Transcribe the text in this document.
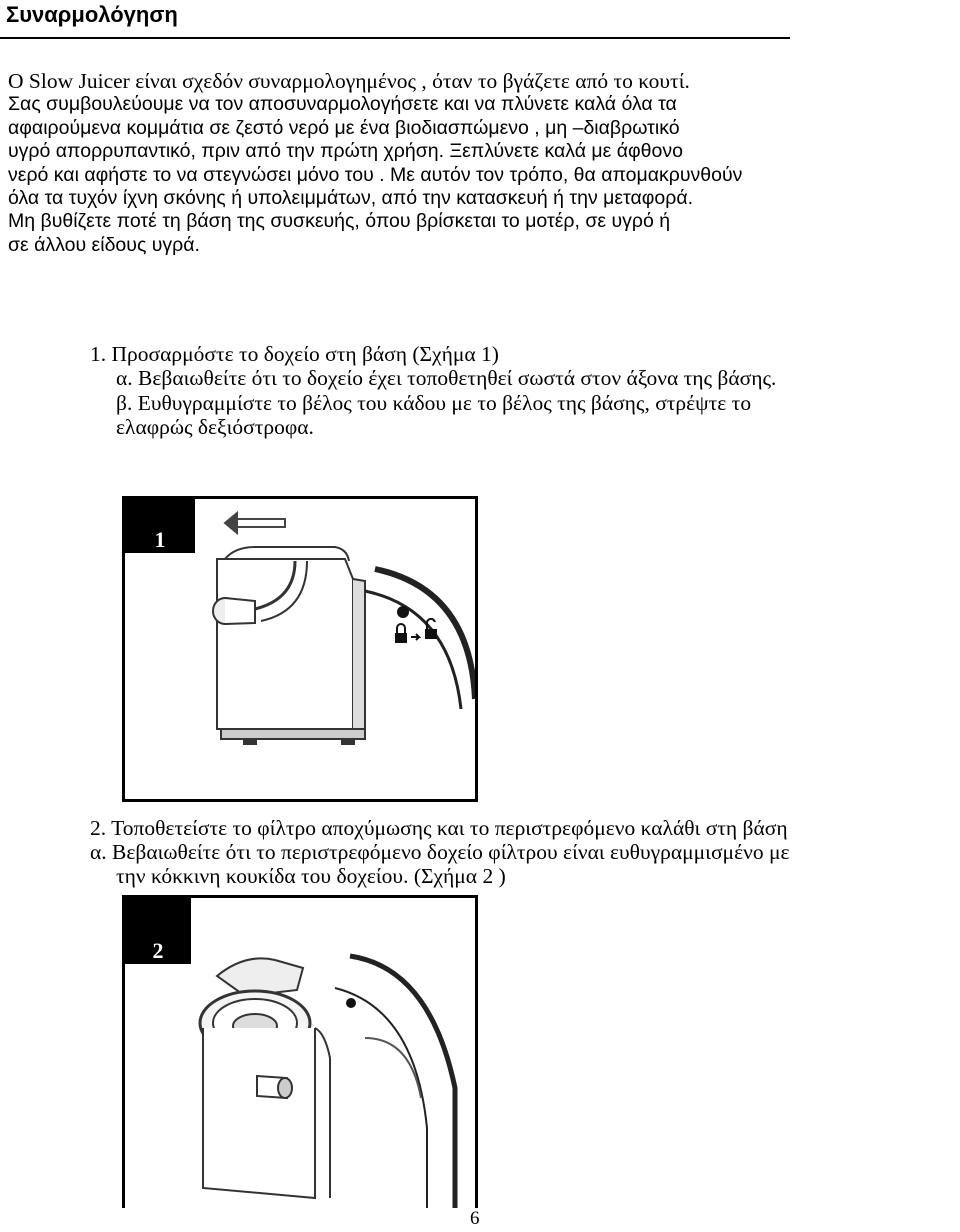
Συναρμολόγηση
Ο Slow Juicer είναι σχεδόν συναρμολογημένος , όταν το βγάζετε από το κουτί.
Σας συμβουλεύουμε να τον αποσυναρμολογήσετε και να πλύνετε καλά όλα τα
αφαιρούμενα κομμάτια σε ζεστό νερό με ένα βιοδιασπώμενο , μη –διαβρωτικό
υγρό απορρυπαντικό, πριν από την πρώτη χρήση. Ξεπλύνετε καλά με άφθονο
νερό και αφήστε το να στεγνώσει μόνο του . Με αυτόν τον τρόπο, θα απομακρυνθούν
όλα τα τυχόν ίχνη σκόνης ή υπολειμμάτων, από την κατασκευή ή την μεταφορά.
Μη βυθίζετε ποτέ τη βάση της συσκευής, όπου βρίσκεται το μοτέρ, σε υγρό ή
σε άλλου είδους υγρά.
1. Προσαρμόστε το δοχείο στη βάση (Σχήμα 1)
α. Βεβαιωθείτε ότι το δοχείο έχει τοποθετηθεί σωστά στον άξονα της βάσης.
β. Ευθυγραμμίστε το βέλος του κάδου με το βέλος της βάσης, στρέψτε το
ελαφρώς δεξιόστροφα.
1
2. Τοποθετείστε το φίλτρο αποχύμωσης και το περιστρεφόμενο καλάθι στη βάση
α. Βεβαιωθείτε ότι το περιστρεφόμενο δοχείο φίλτρου είναι ευθυγραμμισμένο με
την κόκκινη κουκίδα του δοχείου. (Σχήμα 2 )
2
6
